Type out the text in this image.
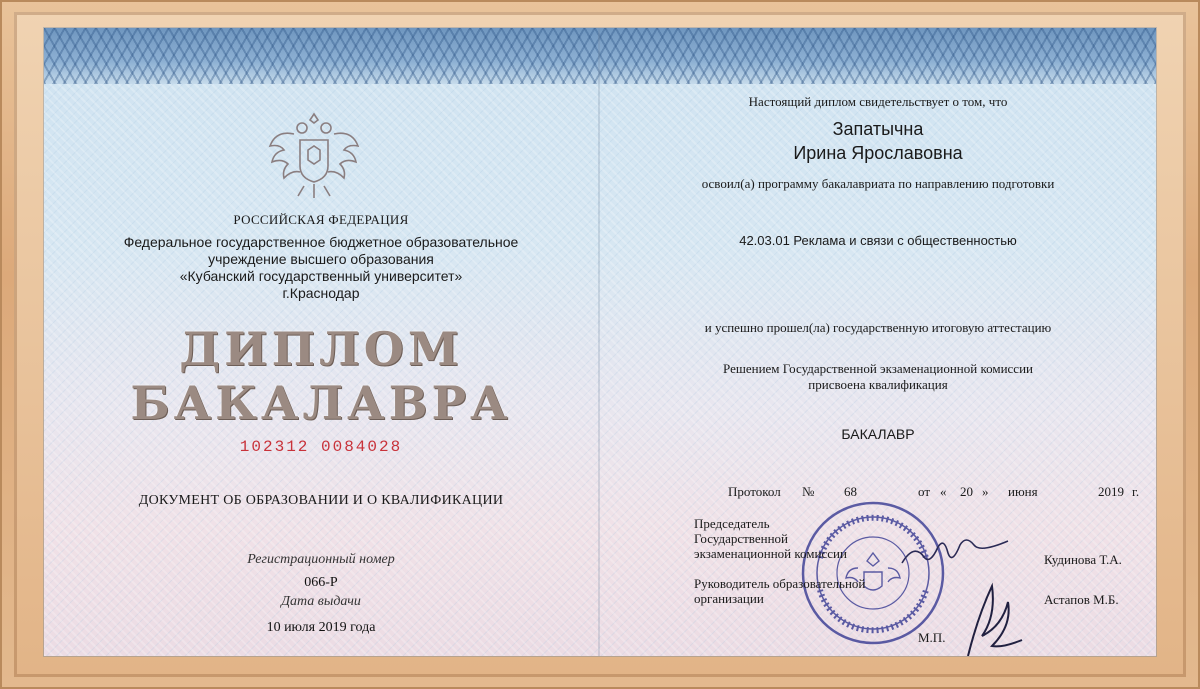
РОССИЙСКАЯ ФЕДЕРАЦИЯ
Федеральное государственное бюджетное образовательное
учреждение высшего образования
«Кубанский государственный университет»
г.Краснодар
ДИПЛОМ
БАКАЛАВРА
102312 0084028
ДОКУМЕНТ ОБ ОБРАЗОВАНИИ И О КВАЛИФИКАЦИИ
Регистрационный номер
066-Р
Дата выдачи
10 июля 2019 года
Настоящий диплом свидетельствует о том, что
Запатычна
Ирина Ярославовна
освоил(а) программу бакалавриата по направлению подготовки
42.03.01 Реклама и связи с общественностью
и успешно прошел(ла) государственную итоговую аттестацию
Решением Государственной экзаменационной комиссии
присвоена квалификация
БАКАЛАВР
Протокол № 68	от « 20 » июня	2019 г.
Председатель
Государственной
экзаменационной комиссии	Кудинова Т.А.
Руководитель образовательной
организации	Астапов М.Б.
М.П.
